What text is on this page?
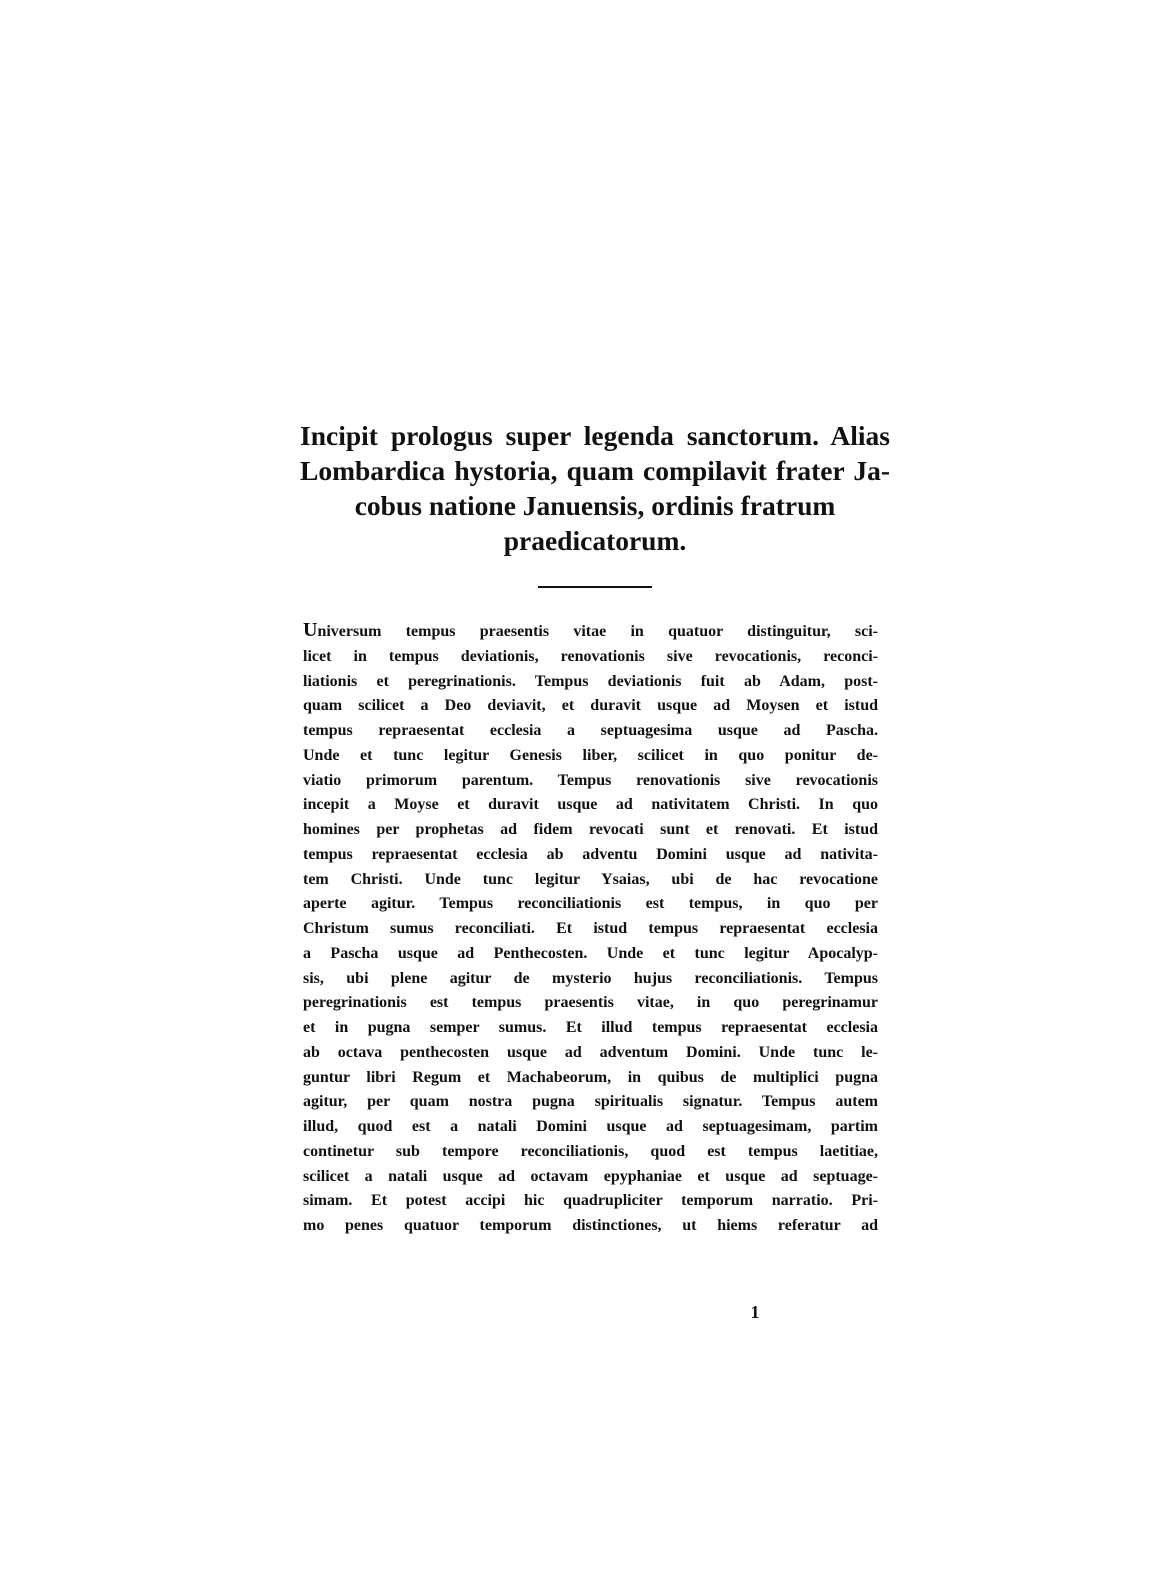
Incipit prologus super legenda sanctorum. Alias
Lombardica hystoria, quam compilavit frater Ja-
cobus natione Januensis, ordinis fratrum
praedicatorum.
Universum tempus praesentis vitae in quatuor distinguitur, sci-
licet in tempus deviationis, renovationis sive revocationis, reconci-
liationis et peregrinationis. Tempus deviationis fuit ab Adam, post-
quam scilicet a Deo deviavit, et duravit usque ad Moysen et istud
tempus repraesentat ecclesia a septuagesima usque ad Pascha.
Unde et tunc legitur Genesis liber, scilicet in quo ponitur de-
viatio primorum parentum. Tempus renovationis sive revocationis
incepit a Moyse et duravit usque ad nativitatem Christi. In quo
homines per prophetas ad fidem revocati sunt et renovati. Et istud
tempus repraesentat ecclesia ab adventu Domini usque ad nativita-
tem Christi. Unde tunc legitur Ysaias, ubi de hac revocatione
aperte agitur. Tempus reconciliationis est tempus, in quo per
Christum sumus reconciliati. Et istud tempus repraesentat ecclesia
a Pascha usque ad Penthecosten. Unde et tunc legitur Apocalyp-
sis, ubi plene agitur de mysterio hujus reconciliationis. Tempus
peregrinationis est tempus praesentis vitae, in quo peregrinamur
et in pugna semper sumus. Et illud tempus repraesentat ecclesia
ab octava penthecosten usque ad adventum Domini. Unde tunc le-
guntur libri Regum et Machabeorum, in quibus de multiplici pugna
agitur, per quam nostra pugna spiritualis signatur. Tempus autem
illud, quod est a natali Domini usque ad septuagesimam, partim
continetur sub tempore reconciliationis, quod est tempus laetitiae,
scilicet a natali usque ad octavam epyphaniae et usque ad septuage-
simam. Et potest accipi hic quadrupliciter temporum narratio. Pri-
mo penes quatuor temporum distinctiones, ut hiems referatur ad
1
